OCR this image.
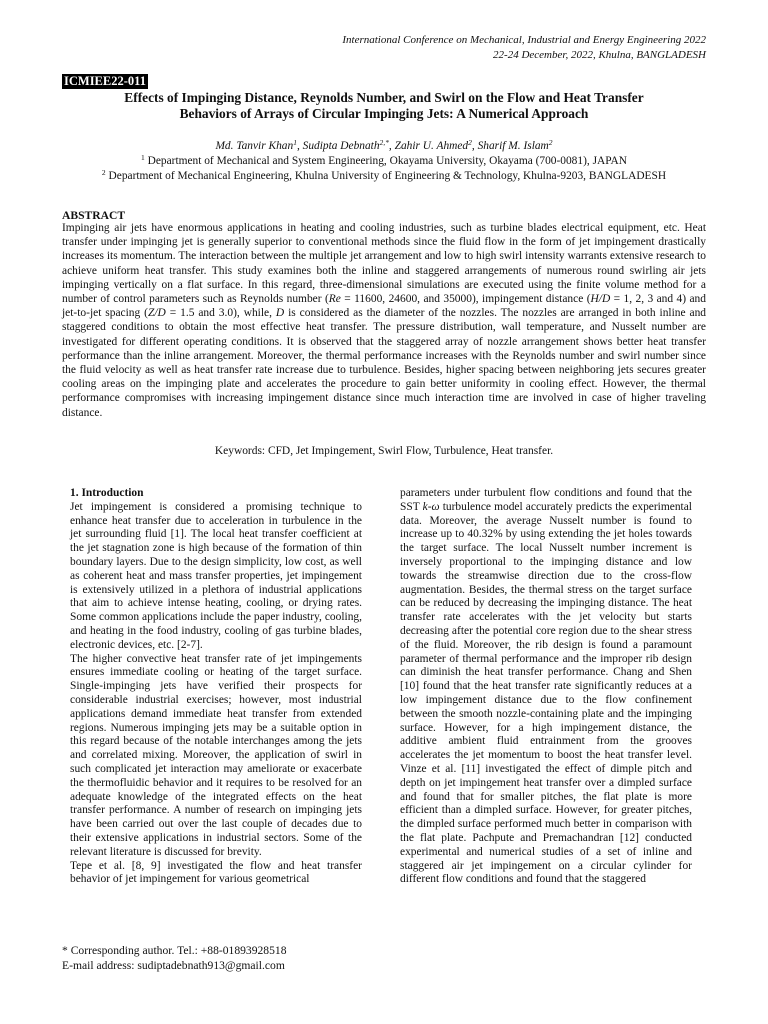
International Conference on Mechanical, Industrial and Energy Engineering 2022
22-24 December, 2022, Khulna, BANGLADESH
ICMIEE22-011
Effects of Impinging Distance, Reynolds Number, and Swirl on the Flow and Heat Transfer
Behaviors of Arrays of Circular Impinging Jets: A Numerical Approach
Md. Tanvir Khan$^1$, Sudipta Debnath$^{2,*}$, Zahir U. Ahmed$^2$, Sharif M. Islam$^2$
$^1$ Department of Mechanical and System Engineering, Okayama University, Okayama (700-0081), JAPAN
$^2$ Department of Mechanical Engineering, Khulna University of Engineering & Technology, Khulna-9203, BANGLADESH
ABSTRACT

Impinging air jets have enormous applications in heating and cooling industries, such as turbine blades electrical equipment, etc. Heat transfer under impinging jet is generally superior to conventional methods since the fluid flow in the form of jet impingement drastically increases its momentum. The interaction between the multiple jet arrangement and low to high swirl intensity warrants extensive research to achieve uniform heat transfer. This study examines both the inline and staggered arrangements of numerous round swirling air jets impinging vertically on a flat surface. In this regard, three-dimensional simulations are executed using the finite volume method for a number of control parameters such as Reynolds number (Re = 11600, 24600, and 35000), impingement distance (H/D = 1, 2, 3 and 4) and jet-to-jet spacing (Z/D = 1.5 and 3.0), while, D is considered as the diameter of the nozzles. The nozzles are arranged in both inline and staggered conditions to obtain the most effective heat transfer. The pressure distribution, wall temperature, and Nusselt number are investigated for different operating conditions. It is observed that the staggered array of nozzle arrangement shows better heat transfer performance than the inline arrangement. Moreover, the thermal performance increases with the Reynolds number and swirl number since the fluid velocity as well as heat transfer rate increase due to turbulence. Besides, higher spacing between neighboring jets secures greater cooling areas on the impinging plate and accelerates the procedure to gain better uniformity in cooling effect. However, the thermal performance compromises with increasing impingement distance since much interaction time are involved in case of higher traveling distance.

Keywords: CFD, Jet Impingement, Swirl Flow, Turbulence, Heat transfer.

1. Introduction

Jet impingement is considered a promising technique to enhance heat transfer due to acceleration in turbulence in the jet surrounding fluid [1]. The local heat transfer coefficient at the jet stagnation zone is high because of the formation of thin boundary layers. Due to the design simplicity, low cost, as well as coherent heat and mass transfer properties, jet impingement is extensively utilized in a plethora of industrial applications that aim to achieve intense heating, cooling, or drying rates. Some common applications include the paper industry, cooling, and heating in the food industry, cooling of gas turbine blades, electronic devices, etc. [2-7].

The higher convective heat transfer rate of jet impingements ensures immediate cooling or heating of the target surface. Single-impinging jets have verified their prospects for considerable industrial exercises; however, most industrial applications demand immediate heat transfer from extended regions. Numerous impinging jets may be a suitable option in this regard because of the notable interchanges among the jets and correlated mixing. Moreover, the application of swirl in such complicated jet interaction may ameliorate or exacerbate the thermofluidic behavior and it requires to be resolved for an adequate knowledge of the integrated effects on the heat transfer performance. A number of research on impinging jets have been carried out over the last couple of decades due to their extensive applications in industrial sectors. Some of the relevant literature is discussed for brevity.

Tepe et al. [8, 9] investigated the flow and heat transfer behavior of jet impingement for various geometrical

parameters under turbulent flow conditions and found that the SST k-ω turbulence model accurately predicts the experimental data. Moreover, the average Nusselt number is found to increase up to 40.32% by using extending the jet holes towards the target surface. The local Nusselt number increment is inversely proportional to the impinging distance and low towards the streamwise direction due to the cross-flow augmentation. Besides, the thermal stress on the target surface can be reduced by decreasing the impinging distance. The heat transfer rate accelerates with the jet velocity but starts decreasing after the potential core region due to the shear stress of the fluid. Moreover, the rib design is found a paramount parameter of thermal performance and the improper rib design can diminish the heat transfer performance. Chang and Shen [10] found that the heat transfer rate significantly reduces at a low impingement distance due to the flow confinement between the smooth nozzle-containing plate and the impinging surface. However, for a high impingement distance, the additive ambient fluid entrainment from the grooves accelerates the jet momentum to boost the heat transfer level. Vinze et al. [11] investigated the effect of dimple pitch and depth on jet impingement heat transfer over a dimpled surface and found that for smaller pitches, the flat plate is more efficient than a dimpled surface. However, for greater pitches, the dimpled surface performed much better in comparison with the flat plate. Pachpute and Premachandran [12] conducted experimental and numerical studies of a set of inline and staggered air jet impingement on a circular cylinder for different flow conditions and found that the staggered

* Corresponding author. Tel.: +88-01893928518
E-mail address: sudiptadebnath913@gmail.com
